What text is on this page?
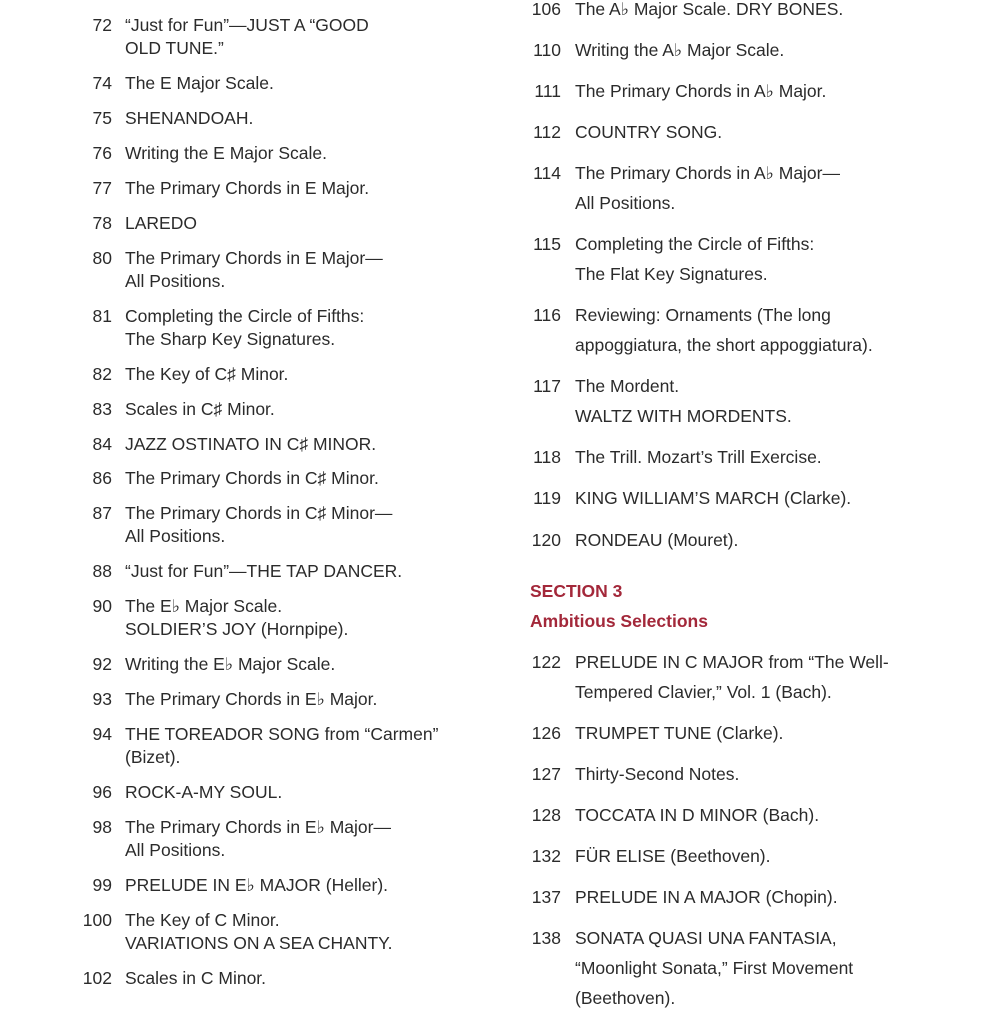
72 “Just for Fun”—JUST A “GOOD
OLD TUNE.”
74 The E Major Scale.
75 SHENANDOAH.
76 Writing the E Major Scale.
77 The Primary Chords in E Major.
78 LAREDO
80 The Primary Chords in E Major—
All Positions.
81 Completing the Circle of Fifths:
The Sharp Key Signatures.
82 The Key of C♯ Minor.
83 Scales in C♯ Minor.
84 JAZZ OSTINATO IN C♯ MINOR.
86 The Primary Chords in C♯ Minor.
87 The Primary Chords in C♯ Minor—
All Positions.
88 “Just for Fun”—THE TAP DANCER.
90 The E♭ Major Scale.
SOLDIER’S JOY (Hornpipe).
92 Writing the E♭ Major Scale.
93 The Primary Chords in E♭ Major.
94 THE TOREADOR SONG from “Carmen”
(Bizet).
96 ROCK-A-MY SOUL.
98 The Primary Chords in E♭ Major—
All Positions.
99 PRELUDE IN E♭ MAJOR (Heller).
100 The Key of C Minor.
VARIATIONS ON A SEA CHANTY.
102 Scales in C Minor.
106 The A♭ Major Scale. DRY BONES.
110 Writing the A♭ Major Scale.
111 The Primary Chords in A♭ Major.
112 COUNTRY SONG.
114 The Primary Chords in A♭ Major—
All Positions.
115 Completing the Circle of Fifths:
The Flat Key Signatures.
116 Reviewing: Ornaments (The long
appoggiatura, the short appoggiatura).
117 The Mordent.
WALTZ WITH MORDENTS.
118 The Trill. Mozart’s Trill Exercise.
119 KING WILLIAM’S MARCH (Clarke).
120 RONDEAU (Mouret).
SECTION 3
Ambitious Selections
122 PRELUDE IN C MAJOR from “The Well-
Tempered Clavier,” Vol. 1 (Bach).
126 TRUMPET TUNE (Clarke).
127 Thirty-Second Notes.
128 TOCCATA IN D MINOR (Bach).
132 FÜR ELISE (Beethoven).
137 PRELUDE IN A MAJOR (Chopin).
138 SONATA QUASI UNA FANTASIA,
“Moonlight Sonata,” First Movement
(Beethoven).
